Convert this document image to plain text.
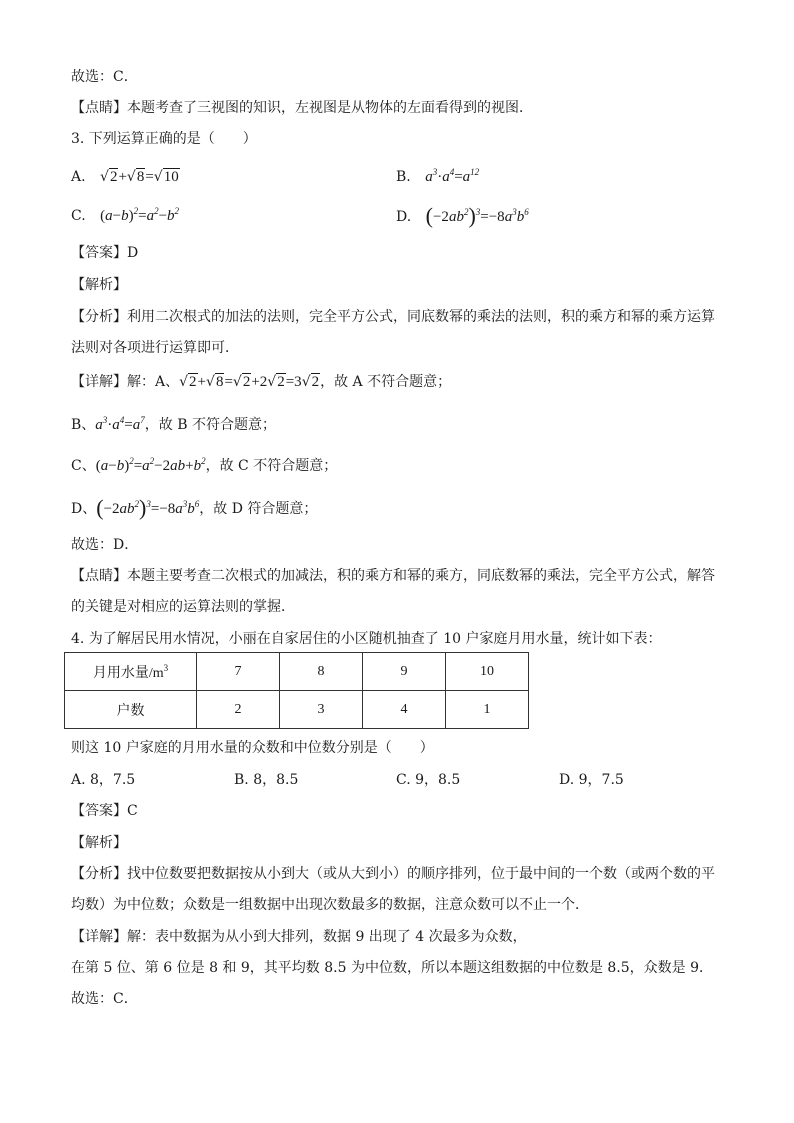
故选：C．
【点睛】本题考查了三视图的知识，左视图是从物体的左面看得到的视图．
3. 下列运算正确的是（　　）
A. √2+√8=√10	B. $a^3\cdot a^4=a^{12}$
C. $(a-b)^2=a^2-b^2$	D. $(-2ab^2)^3=-8a^3b^6$
【答案】D
【解析】
【分析】利用二次根式的加法的法则，完全平方公式，同底数幂的乘法的法则，积的乘方和幂的乘方运算
法则对各项进行运算即可．
【详解】解：A、√2+√8=√2+2√2=3√2，故 A 不符合题意；
B、$a^3\cdot a^4=a^7$，故 B 不符合题意；
C、$(a-b)^2=a^2-2ab+b^2$，故 C 不符合题意；
D、$(-2ab^2)^3=-8a^3b^6$，故 D 符合题意；
故选：D．
【点睛】本题主要考查二次根式的加减法，积的乘方和幂的乘方，同底数幂的乘法，完全平方公式，解答
的关键是对相应的运算法则的掌握．
4. 为了解居民用水情况，小丽在自家居住的小区随机抽查了 10 户家庭月用水量，统计如下表：
月用水量$/m^3$	7	8	9	10
户数	2	3	4	1
则这 10 户家庭的月用水量的众数和中位数分别是（　　）
A. 8，7.5	B. 8，8.5	C. 9，8.5	D. 9，7.5
【答案】C
【解析】
【分析】找中位数要把数据按从小到大（或从大到小）的顺序排列，位于最中间的一个数（或两个数的平
均数）为中位数；众数是一组数据中出现次数最多的数据，注意众数可以不止一个．
【详解】解：表中数据为从小到大排列，数据 9 出现了 4 次最多为众数，
在第 5 位、第 6 位是 8 和 9，其平均数 8.5 为中位数，所以本题这组数据的中位数是 8.5，众数是 9．
故选：C．
